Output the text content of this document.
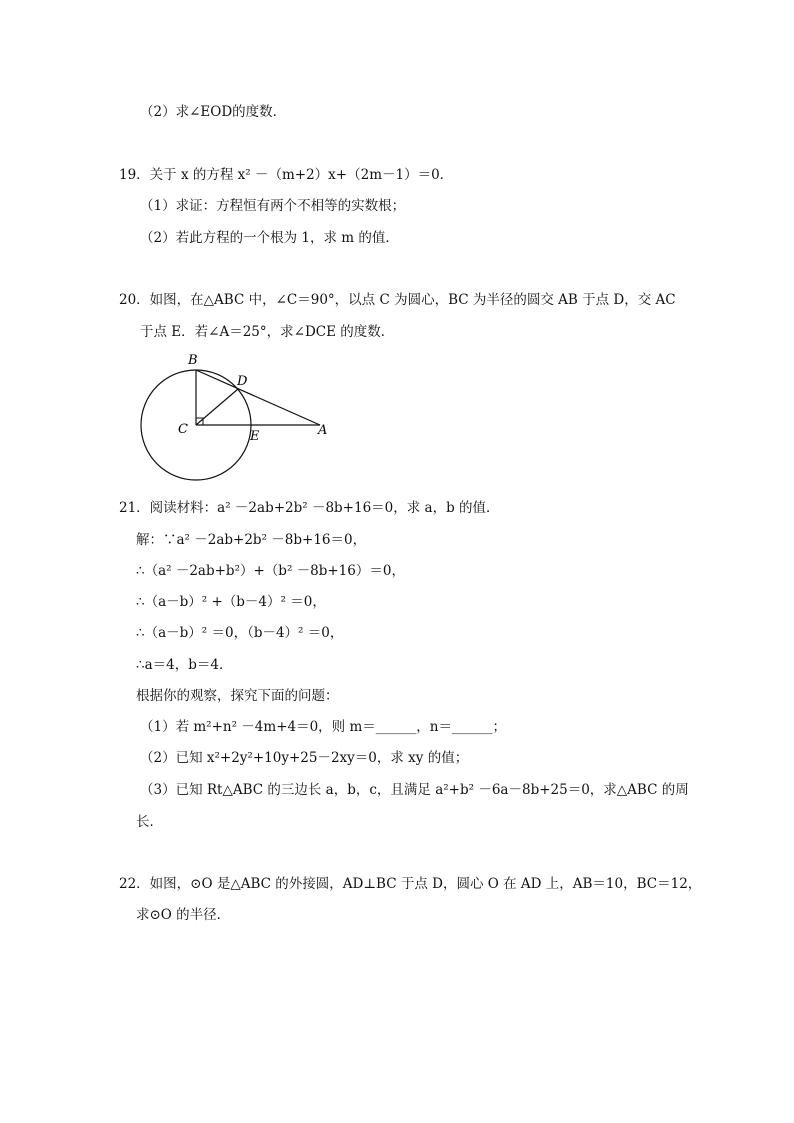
（2）求∠EOD的度数．
19．关于 x 的方程 x² －（m+2）x+（2m－1）＝0．
（1）求证：方程恒有两个不相等的实数根；
（2）若此方程的一个根为 1，求 m 的值．
20．如图，在△ABC 中，∠C＝90°，以点 C 为圆心，BC 为半径的圆交 AB 于点 D，交 AC
于点 E．若∠A＝25°，求∠DCE 的度数．
B
D
C	E	A
21．阅读材料：a² －2ab+2b² －8b+16＝0，求 a，b 的值．
解：∵a² －2ab+2b² －8b+16＝0，
∴（a² －2ab+b²）+（b² －8b+16）＝0，
∴（a－b）² +（b－4）² ＝0，
∴（a－b）² ＝0，（b－4）² ＝0，
∴a＝4，b＝4．
根据你的观察，探究下面的问题：
（1）若 m²+n² －4m+4＝0，则 m＝______，n＝______；
（2）已知 x²+2y²+10y+25－2xy＝0，求 xy 的值；
（3）已知 Rt△ABC 的三边长 a，b，c，且满足 a²+b² －6a－8b+25＝0，求△ABC 的周
长．
22．如图，⊙O 是△ABC 的外接圆，AD⊥BC 于点 D，圆心 O 在 AD 上，AB＝10，BC＝12，
求⊙O 的半径．
